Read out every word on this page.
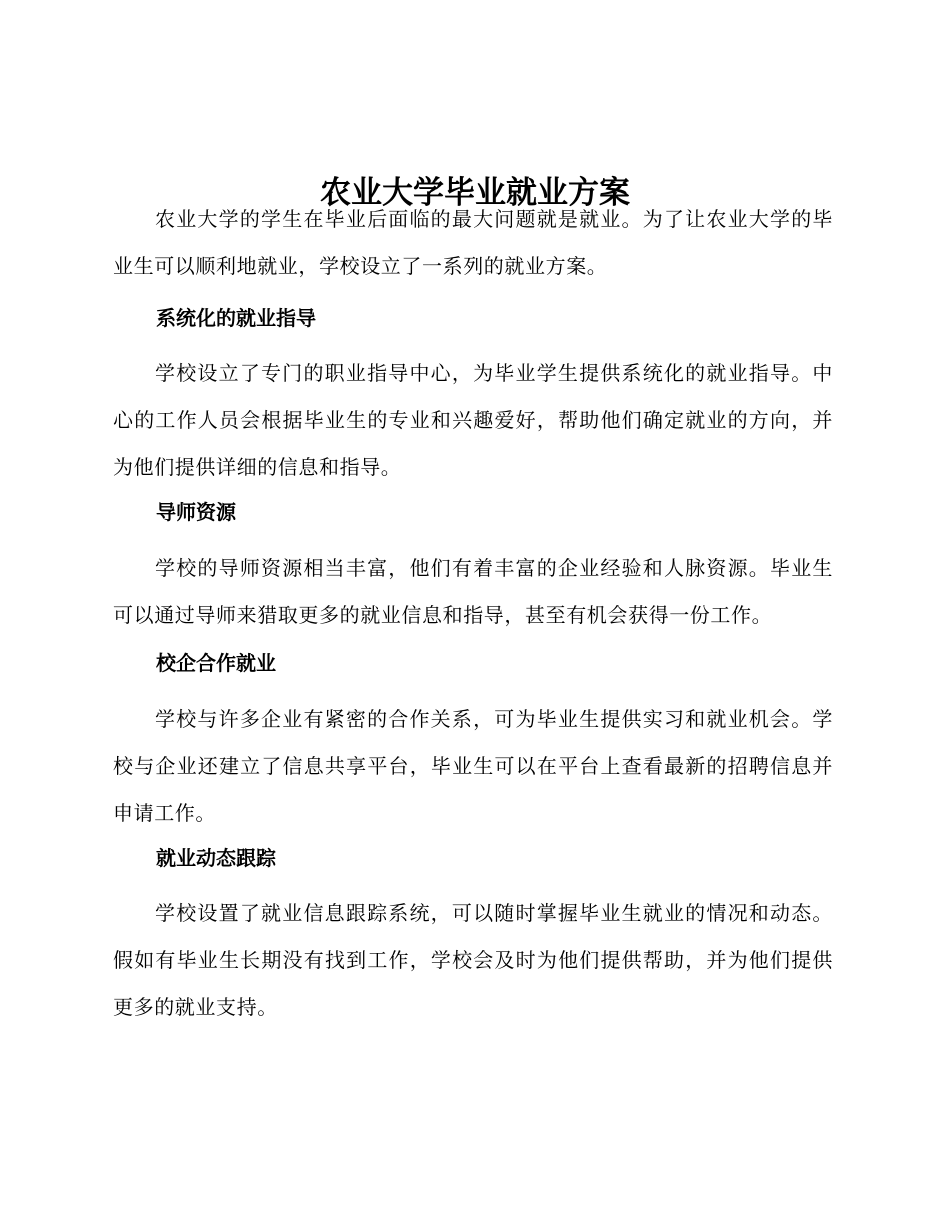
农业大学毕业就业方案

农业大学的学生在毕业后面临的最大问题就是就业。为了让农业大学的毕业生可以顺利地就业，学校设立了一系列的就业方案。

系统化的就业指导

学校设立了专门的职业指导中心，为毕业学生提供系统化的就业指导。中心的工作人员会根据毕业生的专业和兴趣爱好，帮助他们确定就业的方向，并为他们提供详细的信息和指导。

导师资源

学校的导师资源相当丰富，他们有着丰富的企业经验和人脉资源。毕业生可以通过导师来猎取更多的就业信息和指导，甚至有机会获得一份工作。

校企合作就业

学校与许多企业有紧密的合作关系，可为毕业生提供实习和就业机会。学校与企业还建立了信息共享平台，毕业生可以在平台上查看最新的招聘信息并申请工作。

就业动态跟踪

学校设置了就业信息跟踪系统，可以随时掌握毕业生就业的情况和动态。假如有毕业生长期没有找到工作，学校会及时为他们提供帮助，并为他们提供更多的就业支持。
